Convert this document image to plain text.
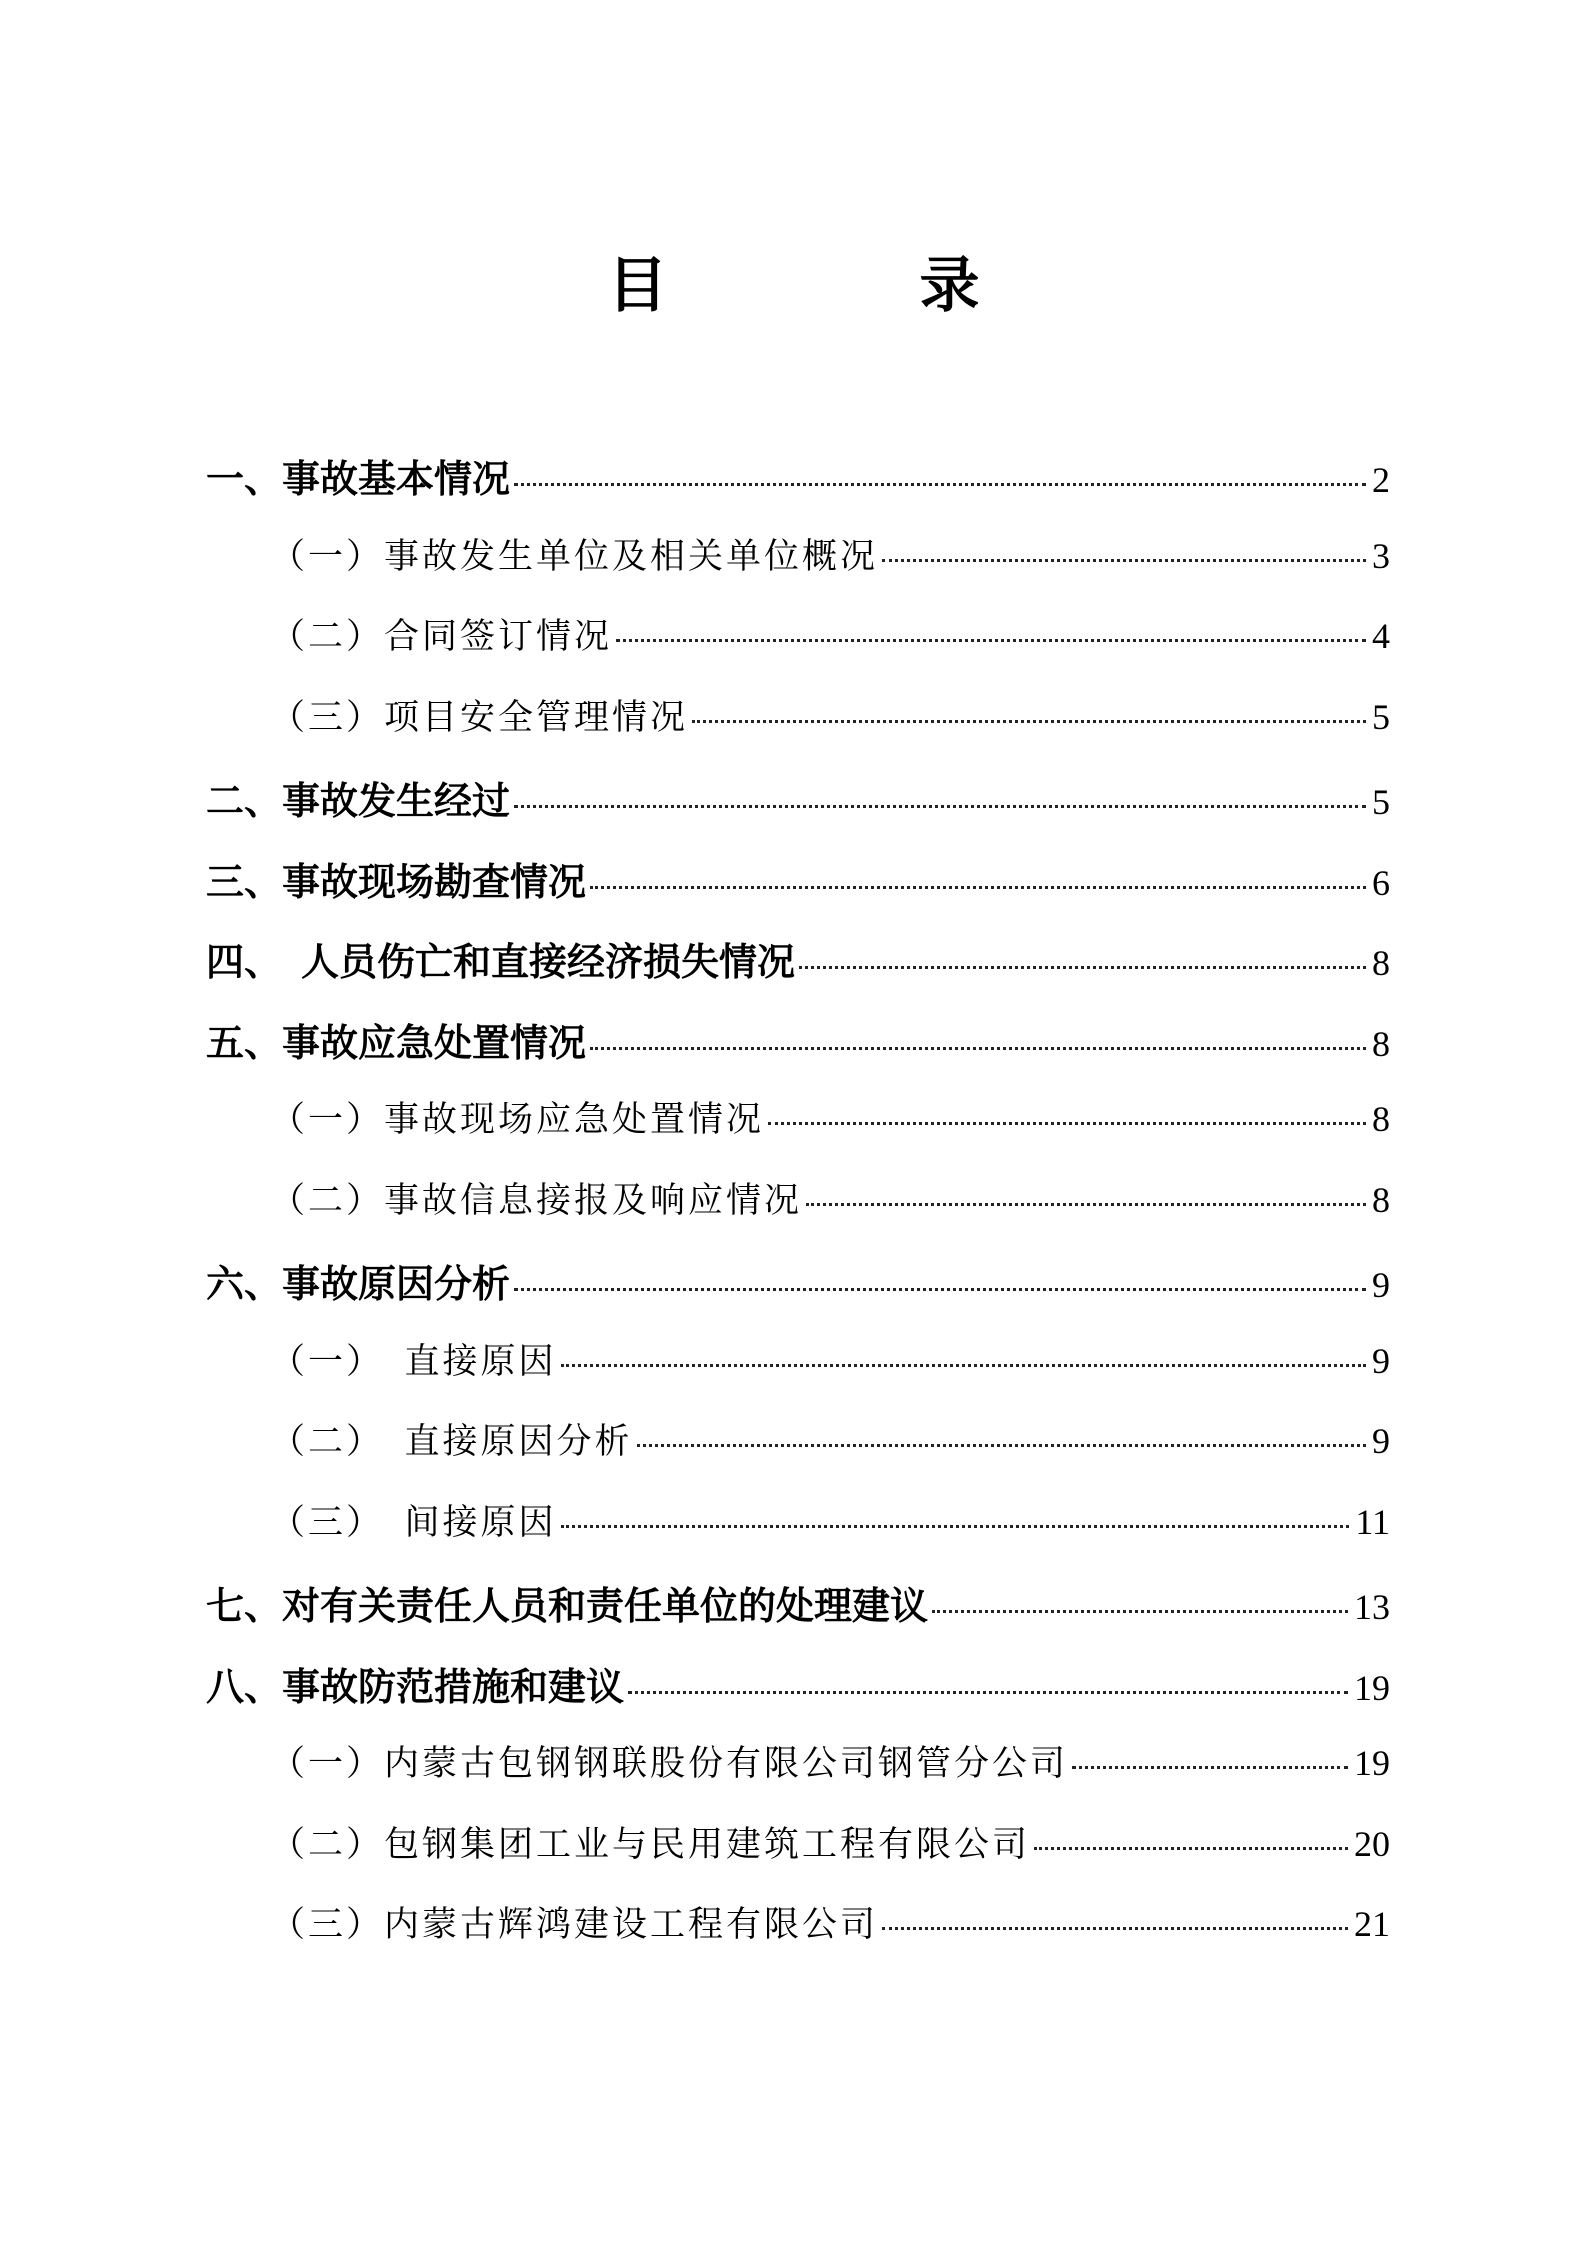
目　录
一、事故基本情况	2
（一）事故发生单位及相关单位概况	3
（二）合同签订情况	4
（三）项目安全管理情况	5
二、事故发生经过	5
三、事故现场勘查情况	6
四、　人员伤亡和直接经济损失情况	8
五、事故应急处置情况	8
（一）事故现场应急处置情况	8
（二）事故信息接报及响应情况	8
六、事故原因分析	9
（一）　直接原因	9
（二）　直接原因分析	9
（三）　间接原因	11
七、对有关责任人员和责任单位的处理建议	13
八、事故防范措施和建议	19
（一）内蒙古包钢钢联股份有限公司钢管分公司	19
（二）包钢集团工业与民用建筑工程有限公司	20
（三）内蒙古辉鸿建设工程有限公司	21
